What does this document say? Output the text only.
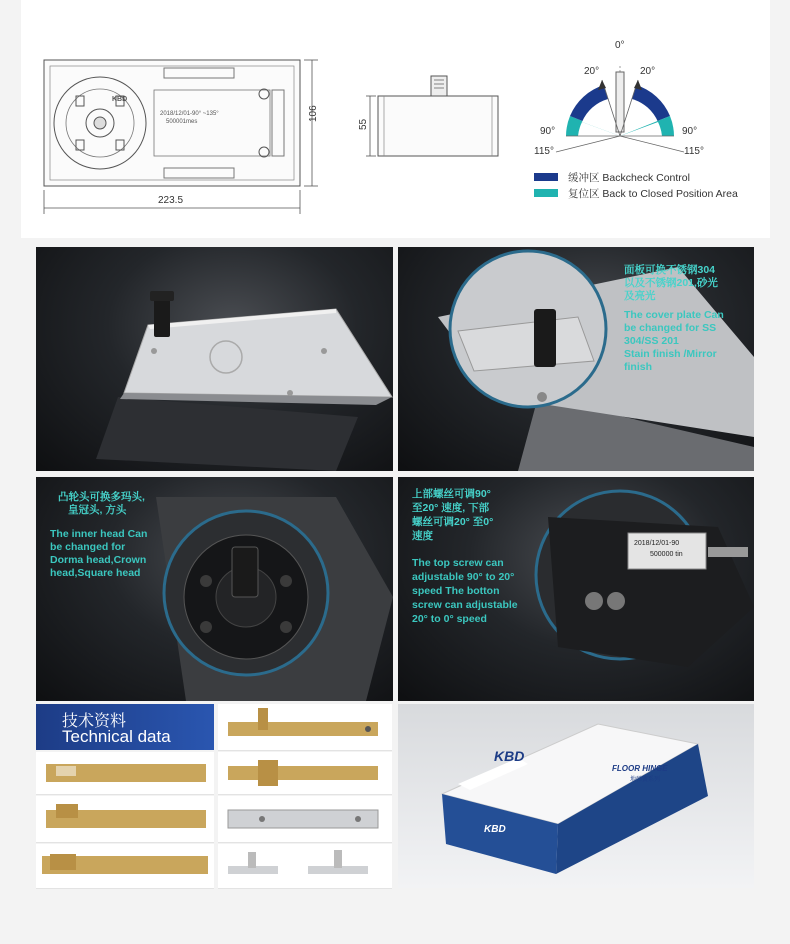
2018/12/01-90° ~135°
500001mes
KBD
223.5
106
55
0°
20°	20°
90°	90°
115°	115°
缓冲区 Backcheck Control
复位区 Back to Closed Position Area
面板可换不锈钢304
以及不锈钢201,砂光
及亮光
The cover plate Can
be changed for SS
304/SS 201
Stain finish /Mirror
finish
凸轮头可换多玛头,
皇冠头, 方头
The inner head Can
be changed for
Dorma head,Crown
head,Square head
2018/12/01-90
500000 tin
上部螺丝可调90°
至20° 速度, 下部
螺丝可调20° 至0°
速度
The top screw can
adjustable 90° to 20°
speed The botton
screw can adjustable
20° to 0° speed
技术资料
Technical data
KBD
FLOOR HINGE
地弹簧系列
KBD
